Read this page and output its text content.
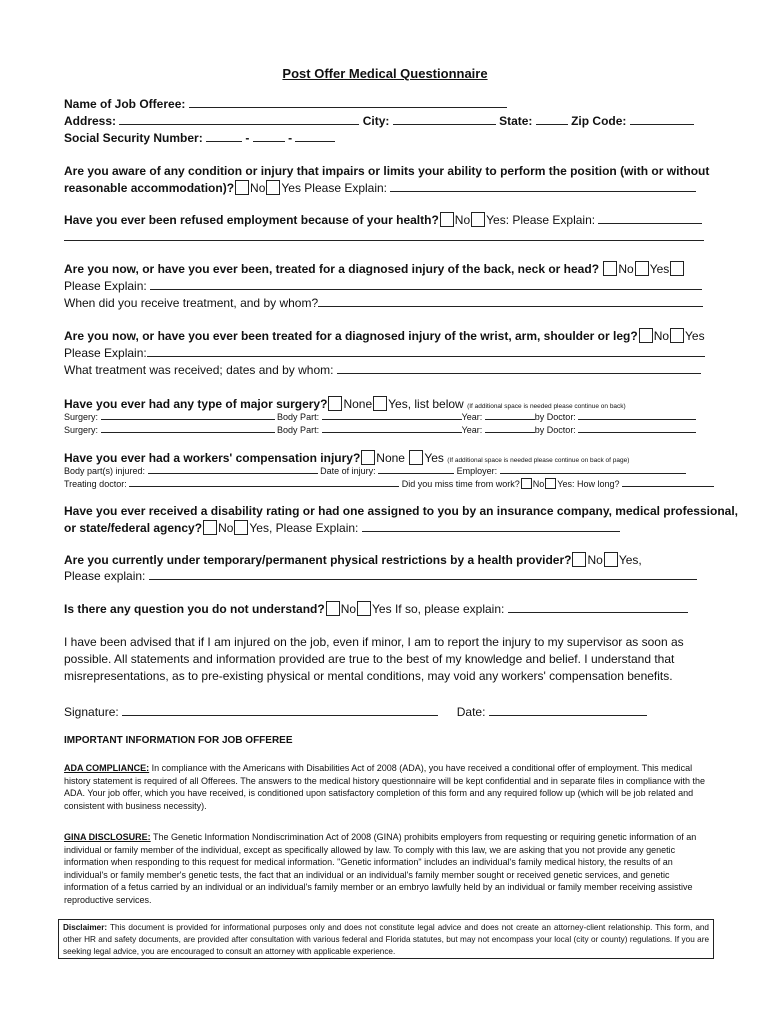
Post Offer Medical Questionnaire
Name of Job Offeree:
Address:	City:	State:	Zip Code:
Social Security Number:	-	-
Are you aware of any condition or injury that impairs or limits your ability to perform the position (with or without
reasonable accommodation)? No Yes Please Explain:
Have you ever been refused employment because of your health? No Yes: Please Explain:
Are you now, or have you ever been, treated for a diagnosed injury of the back, neck or head? No Yes
Please Explain:
When did you receive treatment, and by whom?
Are you now, or have you ever been treated for a diagnosed injury of the wrist, arm, shoulder or leg? No Yes
Please Explain:
What treatment was received; dates and by whom:
Have you ever had any type of major surgery? None Yes, list below (If additional space is needed please continue on back)
Surgery:	Body Part:	Year:	by Doctor:
Surgery:	Body Part:	Year:	by Doctor:
Have you ever had a workers' compensation injury? None Yes (If additional space is needed please continue on back of page)
Body part(s) injured:	Date of injury:	Employer:
Treating doctor:	Did you miss time from work? No Yes: How long?
Have you ever received a disability rating or had one assigned to you by an insurance company, medical professional,
or state/federal agency? No Yes, Please Explain:
Are you currently under temporary/permanent physical restrictions by a health provider? No Yes,
Please explain:
Is there any question you do not understand? No Yes If so, please explain:
I have been advised that if I am injured on the job, even if minor, I am to report the injury to my supervisor as soon as possible. All statements and information provided are true to the best of my knowledge and belief. I understand that misrepresentations, as to pre-existing physical or mental conditions, may void any workers' compensation benefits.
Signature:	Date:
IMPORTANT INFORMATION FOR JOB OFFEREE
ADA COMPLIANCE: In compliance with the Americans with Disabilities Act of 2008 (ADA), you have received a conditional offer of employment. This medical history statement is required of all Offerees. The answers to the medical history questionnaire will be kept confidential and in separate files in compliance with the ADA. Your job offer, which you have received, is conditioned upon satisfactory completion of this form and any required follow up (which will be job related and consistent with business necessity).
GINA DISCLOSURE: The Genetic Information Nondiscrimination Act of 2008 (GINA) prohibits employers from requesting or requiring genetic information of an individual or family member of the individual, except as specifically allowed by law. To comply with this law, we are asking that you not provide any genetic information when responding to this request for medical information. "Genetic information" includes an individual's family medical history, the results of an individual's or family member's genetic tests, the fact that an individual or an individual's family member sought or received genetic services, and genetic information of a fetus carried by an individual or an individual's family member or an embryo lawfully held by an individual or family member receiving assistive reproductive services.
Disclaimer: This document is provided for informational purposes only and does not constitute legal advice and does not create an attorney-client relationship. This form, and other HR and safety documents, are provided after consultation with various federal and Florida statutes, but may not encompass your local (city or county) regulations. If you are seeking legal advice, you are encouraged to consult an attorney with applicable experience.
